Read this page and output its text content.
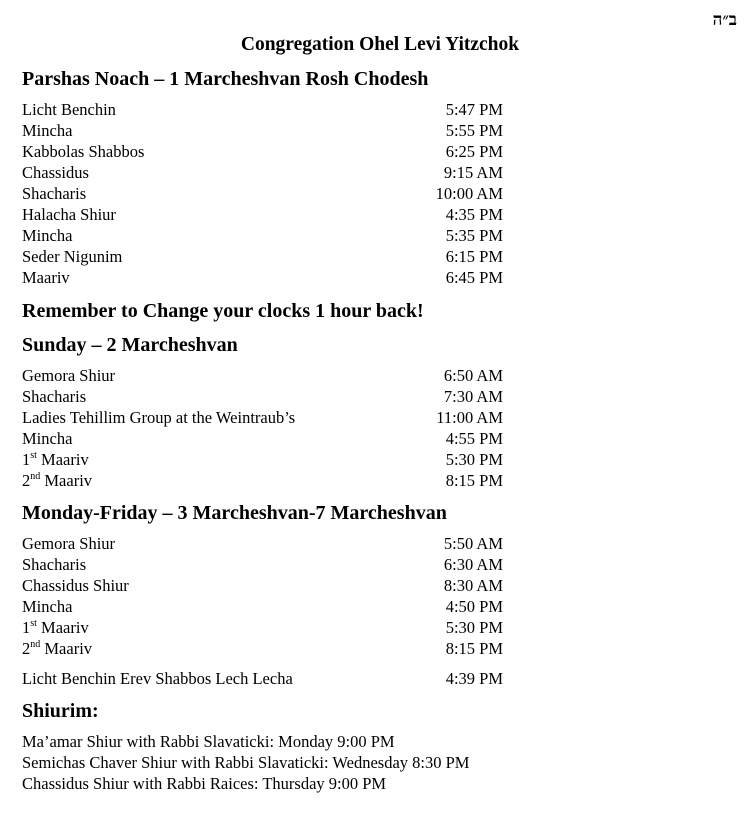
ב״ה
Congregation Ohel Levi Yitzchok
Parshas Noach – 1 Marcheshvan Rosh Chodesh
Licht Benchin	5:47 PM
Mincha	5:55 PM
Kabbolas Shabbos	6:25 PM
Chassidus	9:15 AM
Shacharis	10:00 AM
Halacha Shiur	4:35 PM
Mincha	5:35 PM
Seder Nigunim	6:15 PM
Maariv	6:45 PM
Remember to Change your clocks 1 hour back!
Sunday – 2 Marcheshvan
Gemora Shiur	6:50 AM
Shacharis	7:30 AM
Ladies Tehillim Group at the Weintraub’s	11:00 AM
Mincha	4:55 PM
1st Maariv	5:30 PM
2nd Maariv	8:15 PM
Monday-Friday – 3 Marcheshvan-7 Marcheshvan
Gemora Shiur	5:50 AM
Shacharis	6:30 AM
Chassidus Shiur	8:30 AM
Mincha	4:50 PM
1st Maariv	5:30 PM
2nd Maariv	8:15 PM
Licht Benchin Erev Shabbos Lech Lecha	4:39 PM
Shiurim:
Ma’amar Shiur with Rabbi Slavaticki: Monday 9:00 PM
Semichas Chaver Shiur with Rabbi Slavaticki: Wednesday 8:30 PM
Chassidus Shiur with Rabbi Raices: Thursday 9:00 PM
